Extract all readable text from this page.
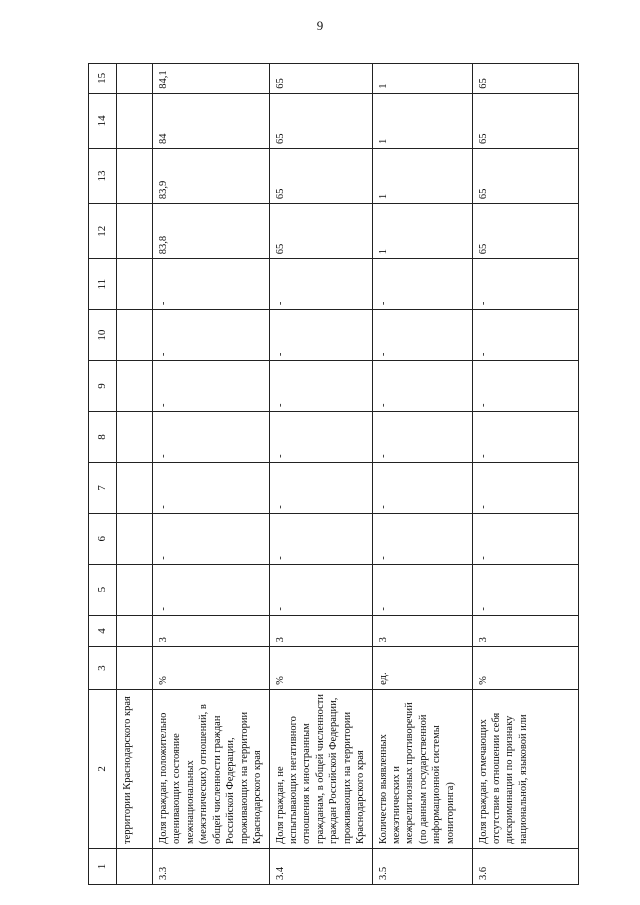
9
1	2	3	4	5	6	7	8	9	10	11	12	13	14	15
	территории Краснодарского края													
3.3	Доля граждан, положительно оценивающих состояние межнациональных (межэтнических) отношений, в общей численности граждан Российской Федерации, проживающих на территории Краснодарского края	%	3	-	-	-	-	-	-	-	83,8	83,9	84	84,1
3.4	Доля граждан, не испытывающих негативного отношения к иностранным гражданам, в общей численности граждан Российской Федерации, проживающих на территории Краснодарского края	%	3	-	-	-	-	-	-	-	65	65	65	65
3.5	Количество выявленных межэтнических и межрелигиозных противоречий (по данным государственной информационной системы мониторинга)	ед.	3	-	-	-	-	-	-	-	1	1	1	1
3.6	Доля граждан, отмечающих отсутствие в отношении себя дискриминации по признаку национальной, языковой или	%	3	-	-	-	-	-	-	-	65	65	65	65
